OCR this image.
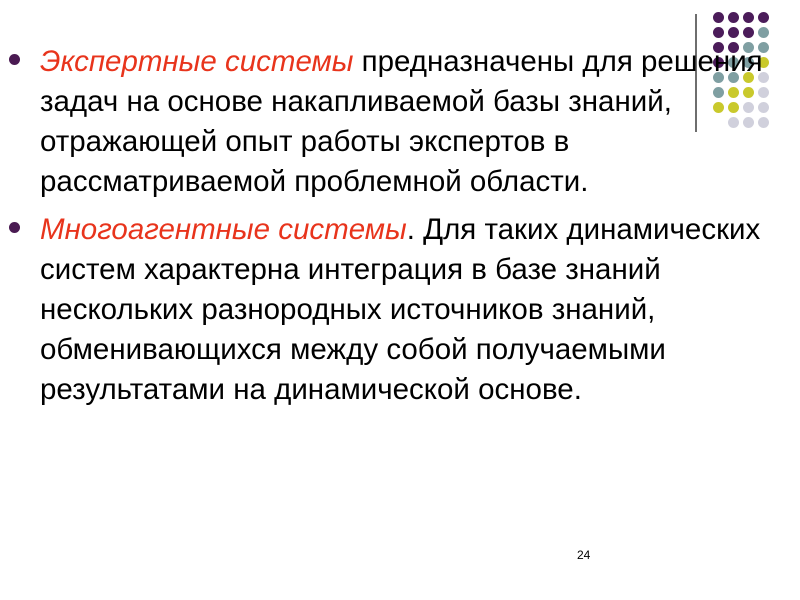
Экспертные системы предназначены для решения задач на основе накапливаемой базы знаний, отражающей опыт работы экспертов в рассматриваемой проблемной области.

Многоагентные системы. Для таких динамических систем характерна интеграция в базе знаний нескольких разнородных источников знаний, обменивающихся между собой получаемыми результатами на динамической основе.

24
